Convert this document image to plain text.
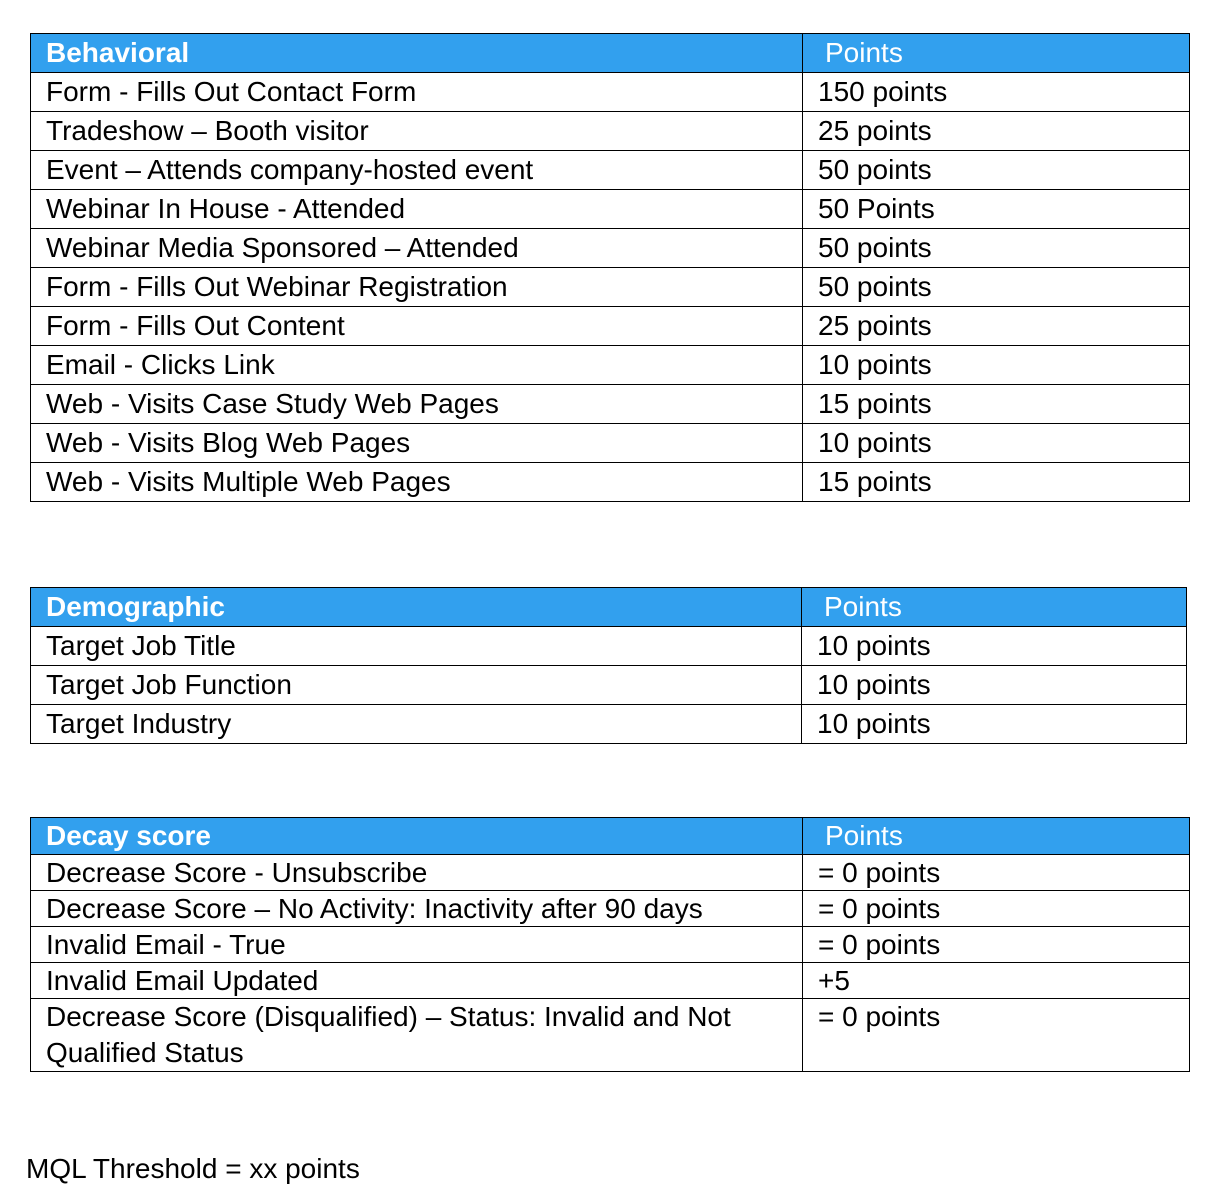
Behavioral	Points
Form - Fills Out Contact Form	150 points
Tradeshow – Booth visitor	25 points
Event – Attends company-hosted event	50 points
Webinar In House - Attended	50 Points
Webinar Media Sponsored – Attended	50 points
Form - Fills Out Webinar Registration	50 points
Form - Fills Out Content	25 points
Email - Clicks Link	10 points
Web - Visits Case Study Web Pages	15 points
Web - Visits Blog Web Pages	10 points
Web - Visits Multiple Web Pages	15 points
Demographic	Points
Target Job Title	10 points
Target Job Function	10 points
Target Industry	10 points
Decay score	Points
Decrease Score - Unsubscribe	= 0 points
Decrease Score – No Activity: Inactivity after 90 days	= 0 points
Invalid Email - True	= 0 points
Invalid Email Updated	+5
Decrease Score (Disqualified) – Status: Invalid and Not Qualified Status	= 0 points
MQL Threshold = xx points
